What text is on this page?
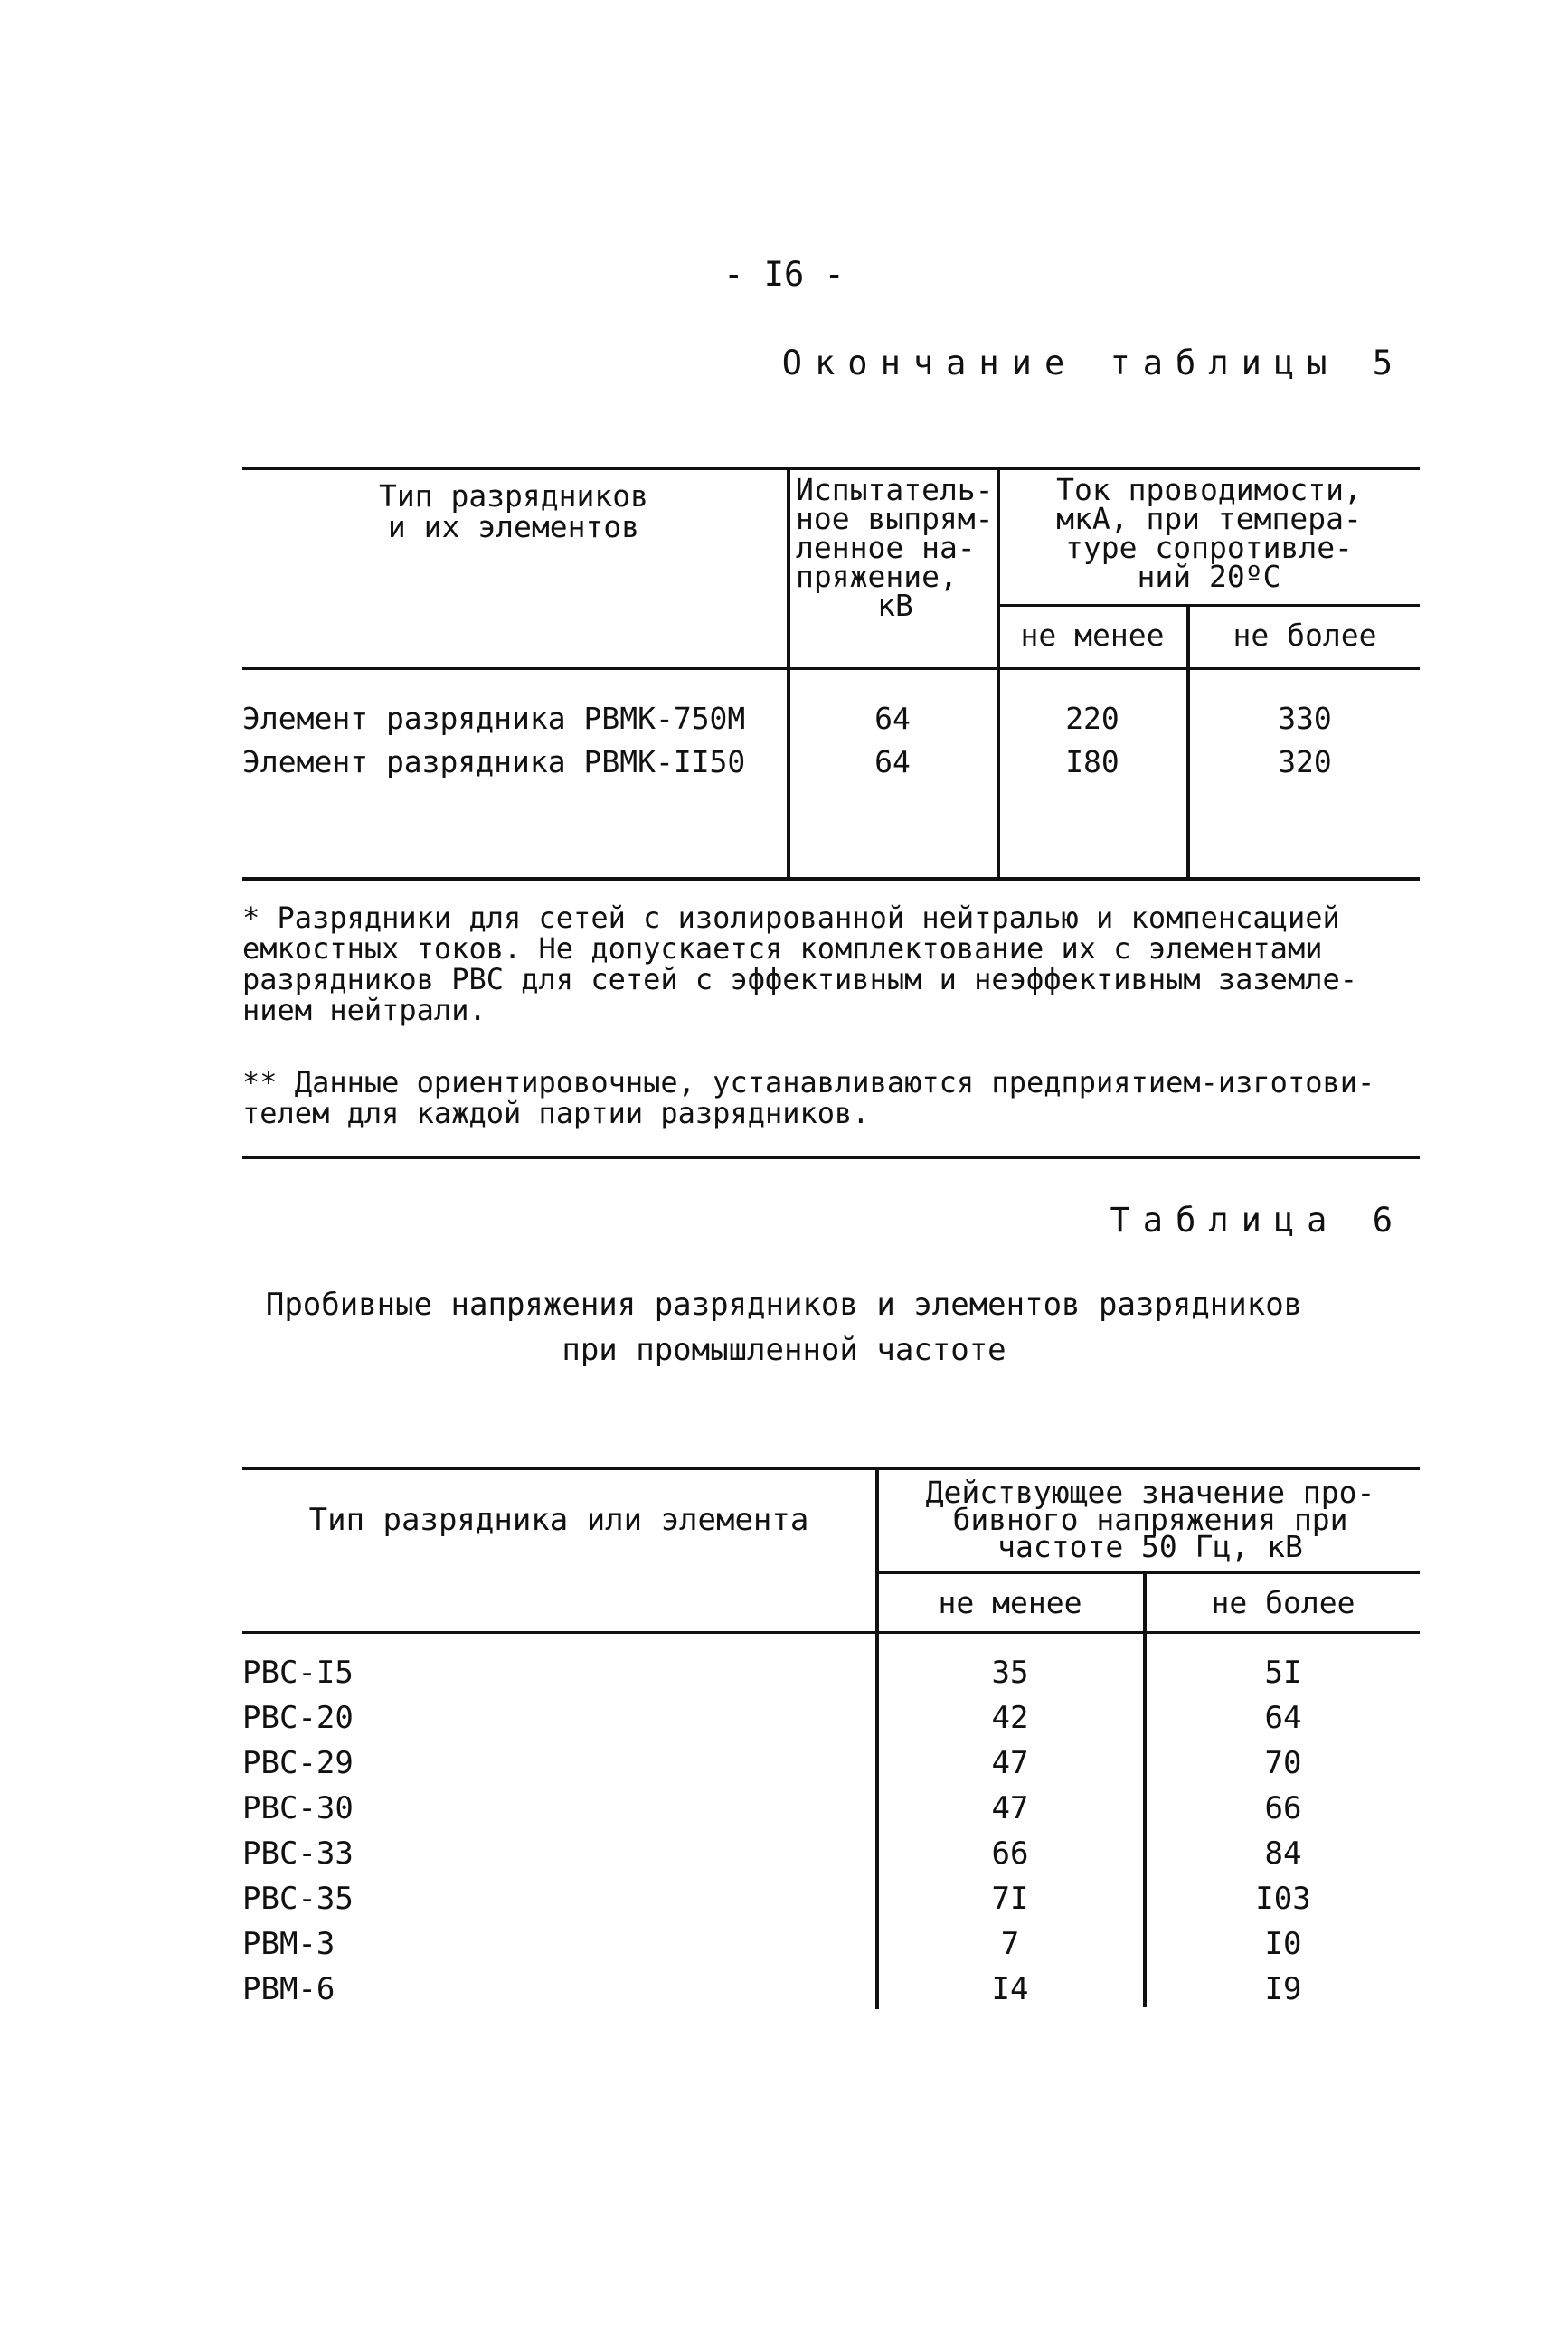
- I6 -
Окончание таблицы 5
Тип разрядников
и их элементов
Испытатель-
ное выпрям-
ленное на-
пряжение,
кВ
Ток проводимости,
мкА, при темпера-
туре сопротивле-
ний 20ºС
не менее	не более
Элемент разрядника РВМК-750М	64	220	330
Элемент разрядника РВМК-II50	64	I80	320
* Разрядники для сетей с изолированной нейтралью и компенсацией
емкостных токов. Не допускается комплектование их с элементами
разрядников РВС для сетей с эффективным и неэффективным заземле-
нием нейтрали.
** Данные ориентировочные, устанавливаются предприятием-изготови-
телем для каждой партии разрядников.
Таблица 6
Пробивные напряжения разрядников и элементов разрядников
при промышленной частоте
Тип разрядника или элемента
Действующее значение про-
бивного напряжения при
частоте 50 Гц, кВ
не менее	не более
РВС-I5	35	5I
РВС-20	42	64
РВС-29	47	70
РВС-30	47	66
РВС-33	66	84
РВС-35	7I	I03
РВМ-3	7	I0
РВМ-6	I4	I9
